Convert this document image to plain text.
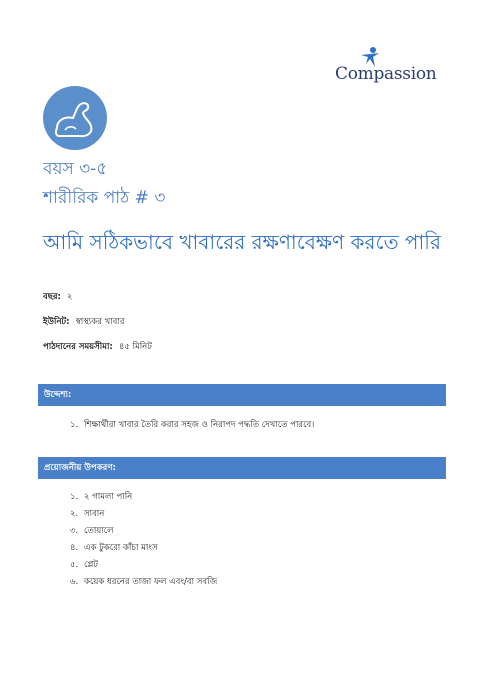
Compassion
বয়স ৩-৫
শারীরিক পাঠ # ৩
আমি সঠিকভাবে খাবারের রক্ষণাবেক্ষণ করতে পারি
বছর: ২
ইউনিট: স্বাস্থ্যকর খাবার
পাঠদানের সময়সীমা: ৪৫ মিনিট
উদ্দেশ্য:
১. শিক্ষার্থীরা খাবার তৈরি করার সহজ ও নিরাপদ পদ্ধতি দেখাতে পারবে।
প্রয়োজনীয় উপকরণ:
১. ২ গামলা পানি
২. সাবান
৩. তোয়ালে
৪. এক টুকরো কাঁচা মাংস
৫. প্লেট
৬. কয়েক ধরনের তাজা ফল এবং/বা সবজি
